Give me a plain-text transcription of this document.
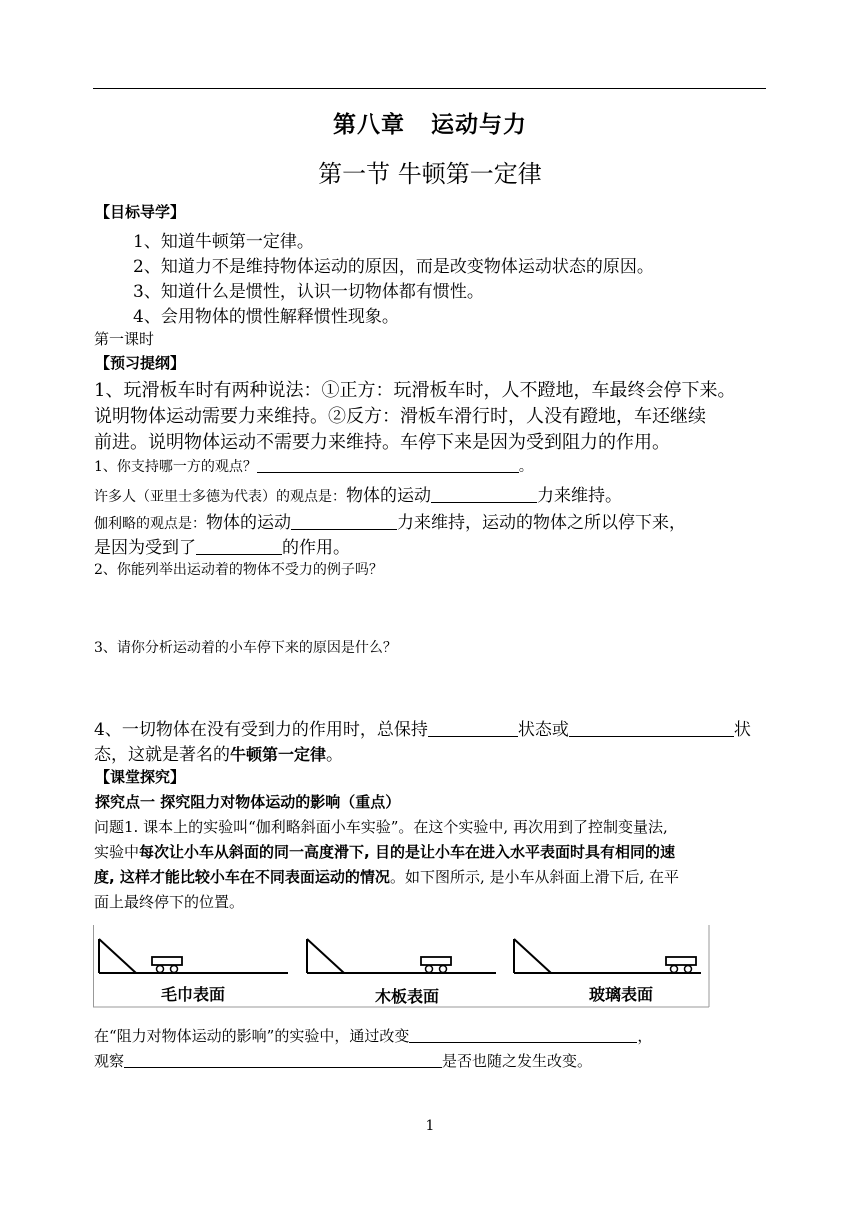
第八章 运动与力
第一节 牛顿第一定律
【目标导学】
1、知道牛顿第一定律。
2、知道力不是维持物体运动的原因，而是改变物体运动状态的原因。
3、知道什么是惯性，认识一切物体都有惯性。
4、会用物体的惯性解释惯性现象。
第一课时
【预习提纲】
1、玩滑板车时有两种说法：①正方：玩滑板车时，人不蹬地，车最终会停下来。
说明物体运动需要力来维持。②反方：滑板车滑行时，人没有蹬地，车还继续
前进。说明物体运动不需要力来维持。车停下来是因为受到阻力的作用。
1、你支持哪一方的观点？	。
许多人（亚里士多德为代表）的观点是：物体的运动	力来维持。
伽利略的观点是：物体的运动	力来维持，运动的物体之所以停下来，
是因为受到了	的作用。
2、你能列举出运动着的物体不受力的例子吗？
3、请你分析运动着的小车停下来的原因是什么？
4、一切物体在没有受到力的作用时，总保持	状态或	状
态，这就是著名的牛顿第一定律。
【课堂探究】
探究点一 探究阻力对物体运动的影响（重点）
问题1. 课本上的实验叫“伽利略斜面小车实验”。在这个实验中, 再次用到了控制变量法,
实验中每次让小车从斜面的同一高度滑下, 目的是让小车在进入水平表面时具有相同的速
度, 这样才能比较小车在不同表面运动的情况。如下图所示, 是小车从斜面上滑下后, 在平
面上最终停下的位置。
毛巾表面	木板表面	玻璃表面
在“阻力对物体运动的影响”的实验中，通过改变	，
观察	是否也随之发生改变。
1
